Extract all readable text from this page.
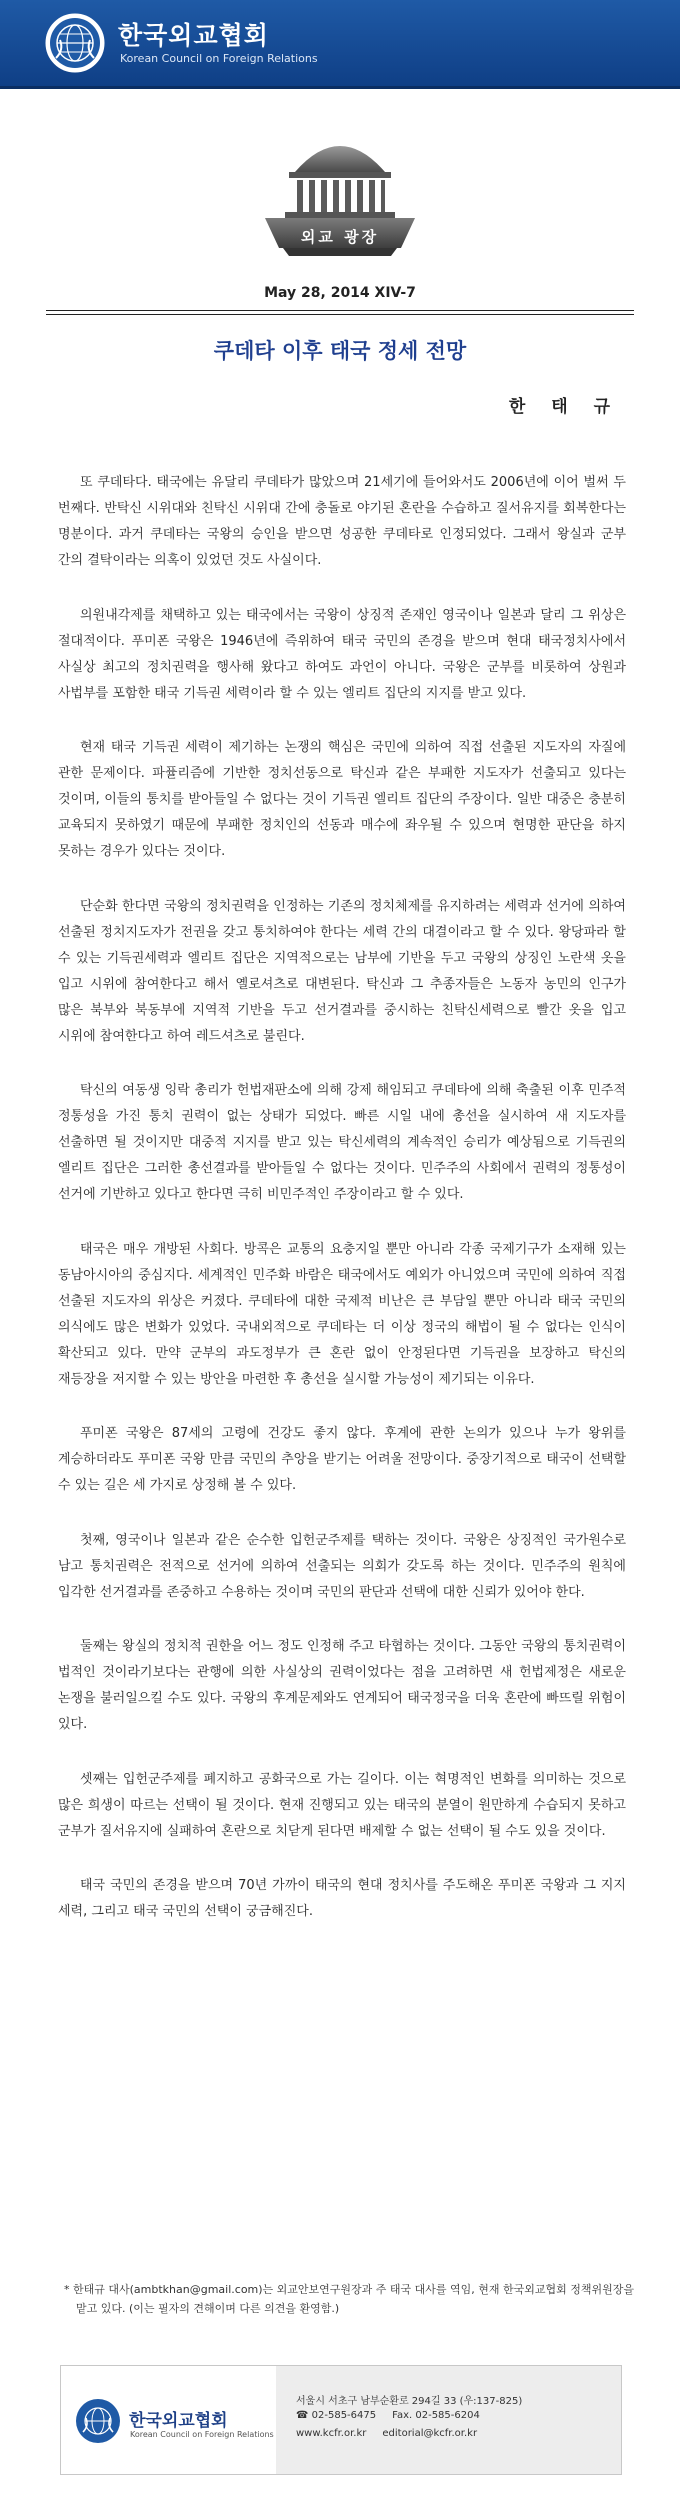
한국외교협회
Korean Council on Foreign Relations
외교 광장
May 28, 2014 XIV-7
쿠데타 이후 태국 정세 전망
한 태 규

또 쿠데타다. 태국에는 유달리 쿠데타가 많았으며 21세기에 들어와서도 2006년에 이어 벌써 두 번째다. 반탁신 시위대와 친탁신 시위대 간에 충돌로 야기된 혼란을 수습하고 질서유지를 회복한다는 명분이다. 과거 쿠데타는 국왕의 승인을 받으면 성공한 쿠데타로 인정되었다. 그래서 왕실과 군부 간의 결탁이라는 의혹이 있었던 것도 사실이다.

의원내각제를 채택하고 있는 태국에서는 국왕이 상징적 존재인 영국이나 일본과 달리 그 위상은 절대적이다. 푸미폰 국왕은 1946년에 즉위하여 태국 국민의 존경을 받으며 현대 태국정치사에서 사실상 최고의 정치권력을 행사해 왔다고 하여도 과언이 아니다. 국왕은 군부를 비롯하여 상원과 사법부를 포함한 태국 기득권 세력이라 할 수 있는 엘리트 집단의 지지를 받고 있다.

현재 태국 기득권 세력이 제기하는 논쟁의 핵심은 국민에 의하여 직접 선출된 지도자의 자질에 관한 문제이다. 파퓰리즘에 기반한 정치선동으로 탁신과 같은 부패한 지도자가 선출되고 있다는 것이며, 이들의 통치를 받아들일 수 없다는 것이 기득권 엘리트 집단의 주장이다. 일반 대중은 충분히 교육되지 못하였기 때문에 부패한 정치인의 선동과 매수에 좌우될 수 있으며 현명한 판단을 하지 못하는 경우가 있다는 것이다.

단순화 한다면 국왕의 정치권력을 인정하는 기존의 정치체제를 유지하려는 세력과 선거에 의하여 선출된 정치지도자가 전권을 갖고 통치하여야 한다는 세력 간의 대결이라고 할 수 있다. 왕당파라 할 수 있는 기득권세력과 엘리트 집단은 지역적으로는 남부에 기반을 두고 국왕의 상징인 노란색 옷을 입고 시위에 참여한다고 해서 옐로셔츠로 대변된다. 탁신과 그 추종자들은 노동자 농민의 인구가 많은 북부와 북동부에 지역적 기반을 두고 선거결과를 중시하는 친탁신세력으로 빨간 옷을 입고 시위에 참여한다고 하여 레드셔츠로 불린다.

탁신의 여동생 잉락 총리가 헌법재판소에 의해 강제 해임되고 쿠데타에 의해 축출된 이후 민주적 정통성을 가진 통치 권력이 없는 상태가 되었다. 빠른 시일 내에 총선을 실시하여 새 지도자를 선출하면 될 것이지만 대중적 지지를 받고 있는 탁신세력의 계속적인 승리가 예상됨으로 기득권의 엘리트 집단은 그러한 총선결과를 받아들일 수 없다는 것이다. 민주주의 사회에서 권력의 정통성이 선거에 기반하고 있다고 한다면 극히 비민주적인 주장이라고 할 수 있다.

태국은 매우 개방된 사회다. 방콕은 교통의 요충지일 뿐만 아니라 각종 국제기구가 소재해 있는 동남아시아의 중심지다. 세계적인 민주화 바람은 태국에서도 예외가 아니었으며 국민에 의하여 직접 선출된 지도자의 위상은 커졌다. 쿠데타에 대한 국제적 비난은 큰 부담일 뿐만 아니라 태국 국민의 의식에도 많은 변화가 있었다. 국내외적으로 쿠데타는 더 이상 정국의 해법이 될 수 없다는 인식이 확산되고 있다. 만약 군부의 과도정부가 큰 혼란 없이 안정된다면 기득권을 보장하고 탁신의 재등장을 저지할 수 있는 방안을 마련한 후 총선을 실시할 가능성이 제기되는 이유다.

푸미폰 국왕은 87세의 고령에 건강도 좋지 않다. 후계에 관한 논의가 있으나 누가 왕위를 계승하더라도 푸미폰 국왕 만큼 국민의 추앙을 받기는 어려울 전망이다. 중장기적으로 태국이 선택할 수 있는 길은 세 가지로 상정해 볼 수 있다.

첫째, 영국이나 일본과 같은 순수한 입헌군주제를 택하는 것이다. 국왕은 상징적인 국가원수로 남고 통치권력은 전적으로 선거에 의하여 선출되는 의회가 갖도록 하는 것이다. 민주주의 원칙에 입각한 선거결과를 존중하고 수용하는 것이며 국민의 판단과 선택에 대한 신뢰가 있어야 한다.

둘째는 왕실의 정치적 권한을 어느 정도 인정해 주고 타협하는 것이다. 그동안 국왕의 통치권력이 법적인 것이라기보다는 관행에 의한 사실상의 권력이었다는 점을 고려하면 새 헌법제정은 새로운 논쟁을 불러일으킬 수도 있다. 국왕의 후계문제와도 연계되어 태국정국을 더욱 혼란에 빠뜨릴 위험이 있다.

셋째는 입헌군주제를 폐지하고 공화국으로 가는 길이다. 이는 혁명적인 변화를 의미하는 것으로 많은 희생이 따르는 선택이 될 것이다. 현재 진행되고 있는 태국의 분열이 원만하게 수습되지 못하고 군부가 질서유지에 실패하여 혼란으로 치닫게 된다면 배제할 수 없는 선택이 될 수도 있을 것이다.

태국 국민의 존경을 받으며 70년 가까이 태국의 현대 정치사를 주도해온 푸미폰 국왕과 그 지지 세력, 그리고 태국 국민의 선택이 궁금해진다.

* 한태규 대사(ambtkhan@gmail.com)는 외교안보연구원장과 주 태국 대사를 역임, 현재 한국외교협회 정책위원장을 맡고 있다. (이는 필자의 견해이며 다른 의견을 환영함.)
한국외교협회
Korean Council on Foreign Relations
서울시 서초구 남부순환로 294길 33 (우:137-825)
☎ 02-585-6475 Fax. 02-585-6204
www.kcfr.or.kr editorial@kcfr.or.kr
